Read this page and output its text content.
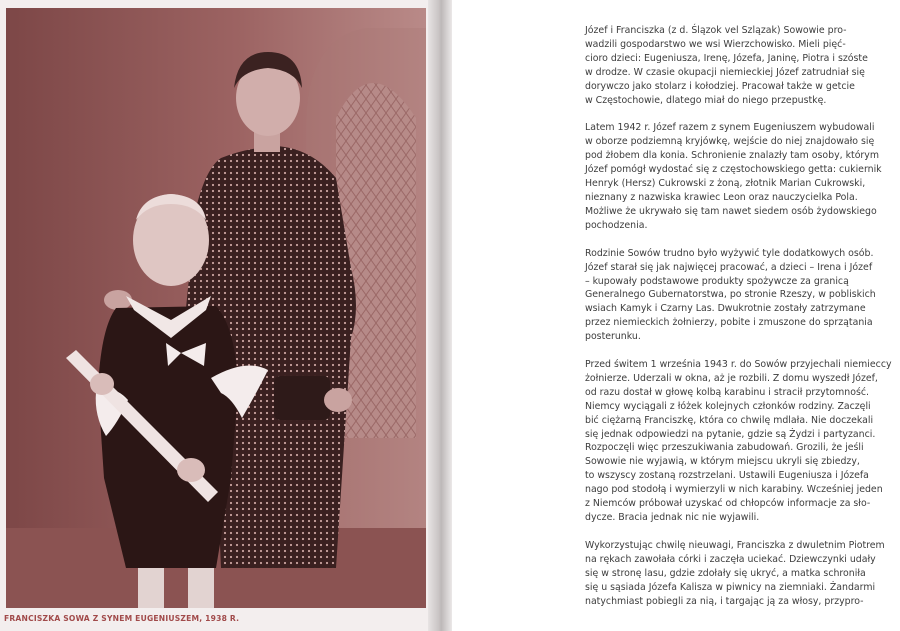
FRANCISZKA SOWA Z SYNEM EUGENIUSZEM, 1938 R.

Józef i Franciszka (z d. Ślązok vel Szlązak) Sowowie pro-
wadzili gospodarstwo we wsi Wierzchowisko. Mieli pięć-
cioro dzieci: Eugeniusza, Irenę, Józefa, Janinę, Piotra i szóste
w drodze. W czasie okupacji niemieckiej Józef zatrudniał się
dorywczo jako stolarz i kołodziej. Pracował także w getcie
w Częstochowie, dlatego miał do niego przepustkę.

Latem 1942 r. Józef razem z synem Eugeniuszem wybudowali
w oborze podziemną kryjówkę, wejście do niej znajdowało się
pod żłobem dla konia. Schronienie znalazły tam osoby, którym
Józef pomógł wydostać się z częstochowskiego getta: cukiernik
Henryk (Hersz) Cukrowski z żoną, złotnik Marian Cukrowski,
nieznany z nazwiska krawiec Leon oraz nauczycielka Pola.
Możliwe że ukrywało się tam nawet siedem osób żydowskiego
pochodzenia.

Rodzinie Sowów trudno było wyżywić tyle dodatkowych osób.
Józef starał się jak najwięcej pracować, a dzieci – Irena i Józef
– kupowały podstawowe produkty spożywcze za granicą
Generalnego Gubernatorstwa, po stronie Rzeszy, w pobliskich
wsiach Kamyk i Czarny Las. Dwukrotnie zostały zatrzymane
przez niemieckich żołnierzy, pobite i zmuszone do sprzątania
posterunku.

Przed świtem 1 września 1943 r. do Sowów przyjechali niemieccy
żołnierze. Uderzali w okna, aż je rozbili. Z domu wyszedł Józef,
od razu dostał w głowę kolbą karabinu i stracił przytomność.
Niemcy wyciągali z łóżek kolejnych członków rodziny. Zaczęli
bić ciężarną Franciszkę, która co chwilę mdlała. Nie doczekali
się jednak odpowiedzi na pytanie, gdzie są Żydzi i partyzanci.
Rozpoczęli więc przeszukiwania zabudowań. Grozili, że jeśli
Sowowie nie wyjawią, w którym miejscu ukryli się zbiedzy,
to wszyscy zostaną rozstrzelani. Ustawili Eugeniusza i Józefa
nago pod stodołą i wymierzyli w nich karabiny. Wcześniej jeden
z Niemców próbował uzyskać od chłopców informacje za sło-
dycze. Bracia jednak nic nie wyjawili.

Wykorzystując chwilę nieuwagi, Franciszka z dwuletnim Piotrem
na rękach zawołała córki i zaczęła uciekać. Dziewczynki udały
się w stronę lasu, gdzie zdołały się ukryć, a matka schroniła
się u sąsiada Józefa Kalisza w piwnicy na ziemniaki. Żandarmi
natychmiast pobiegli za nią, i targając ją za włosy, przypro-
